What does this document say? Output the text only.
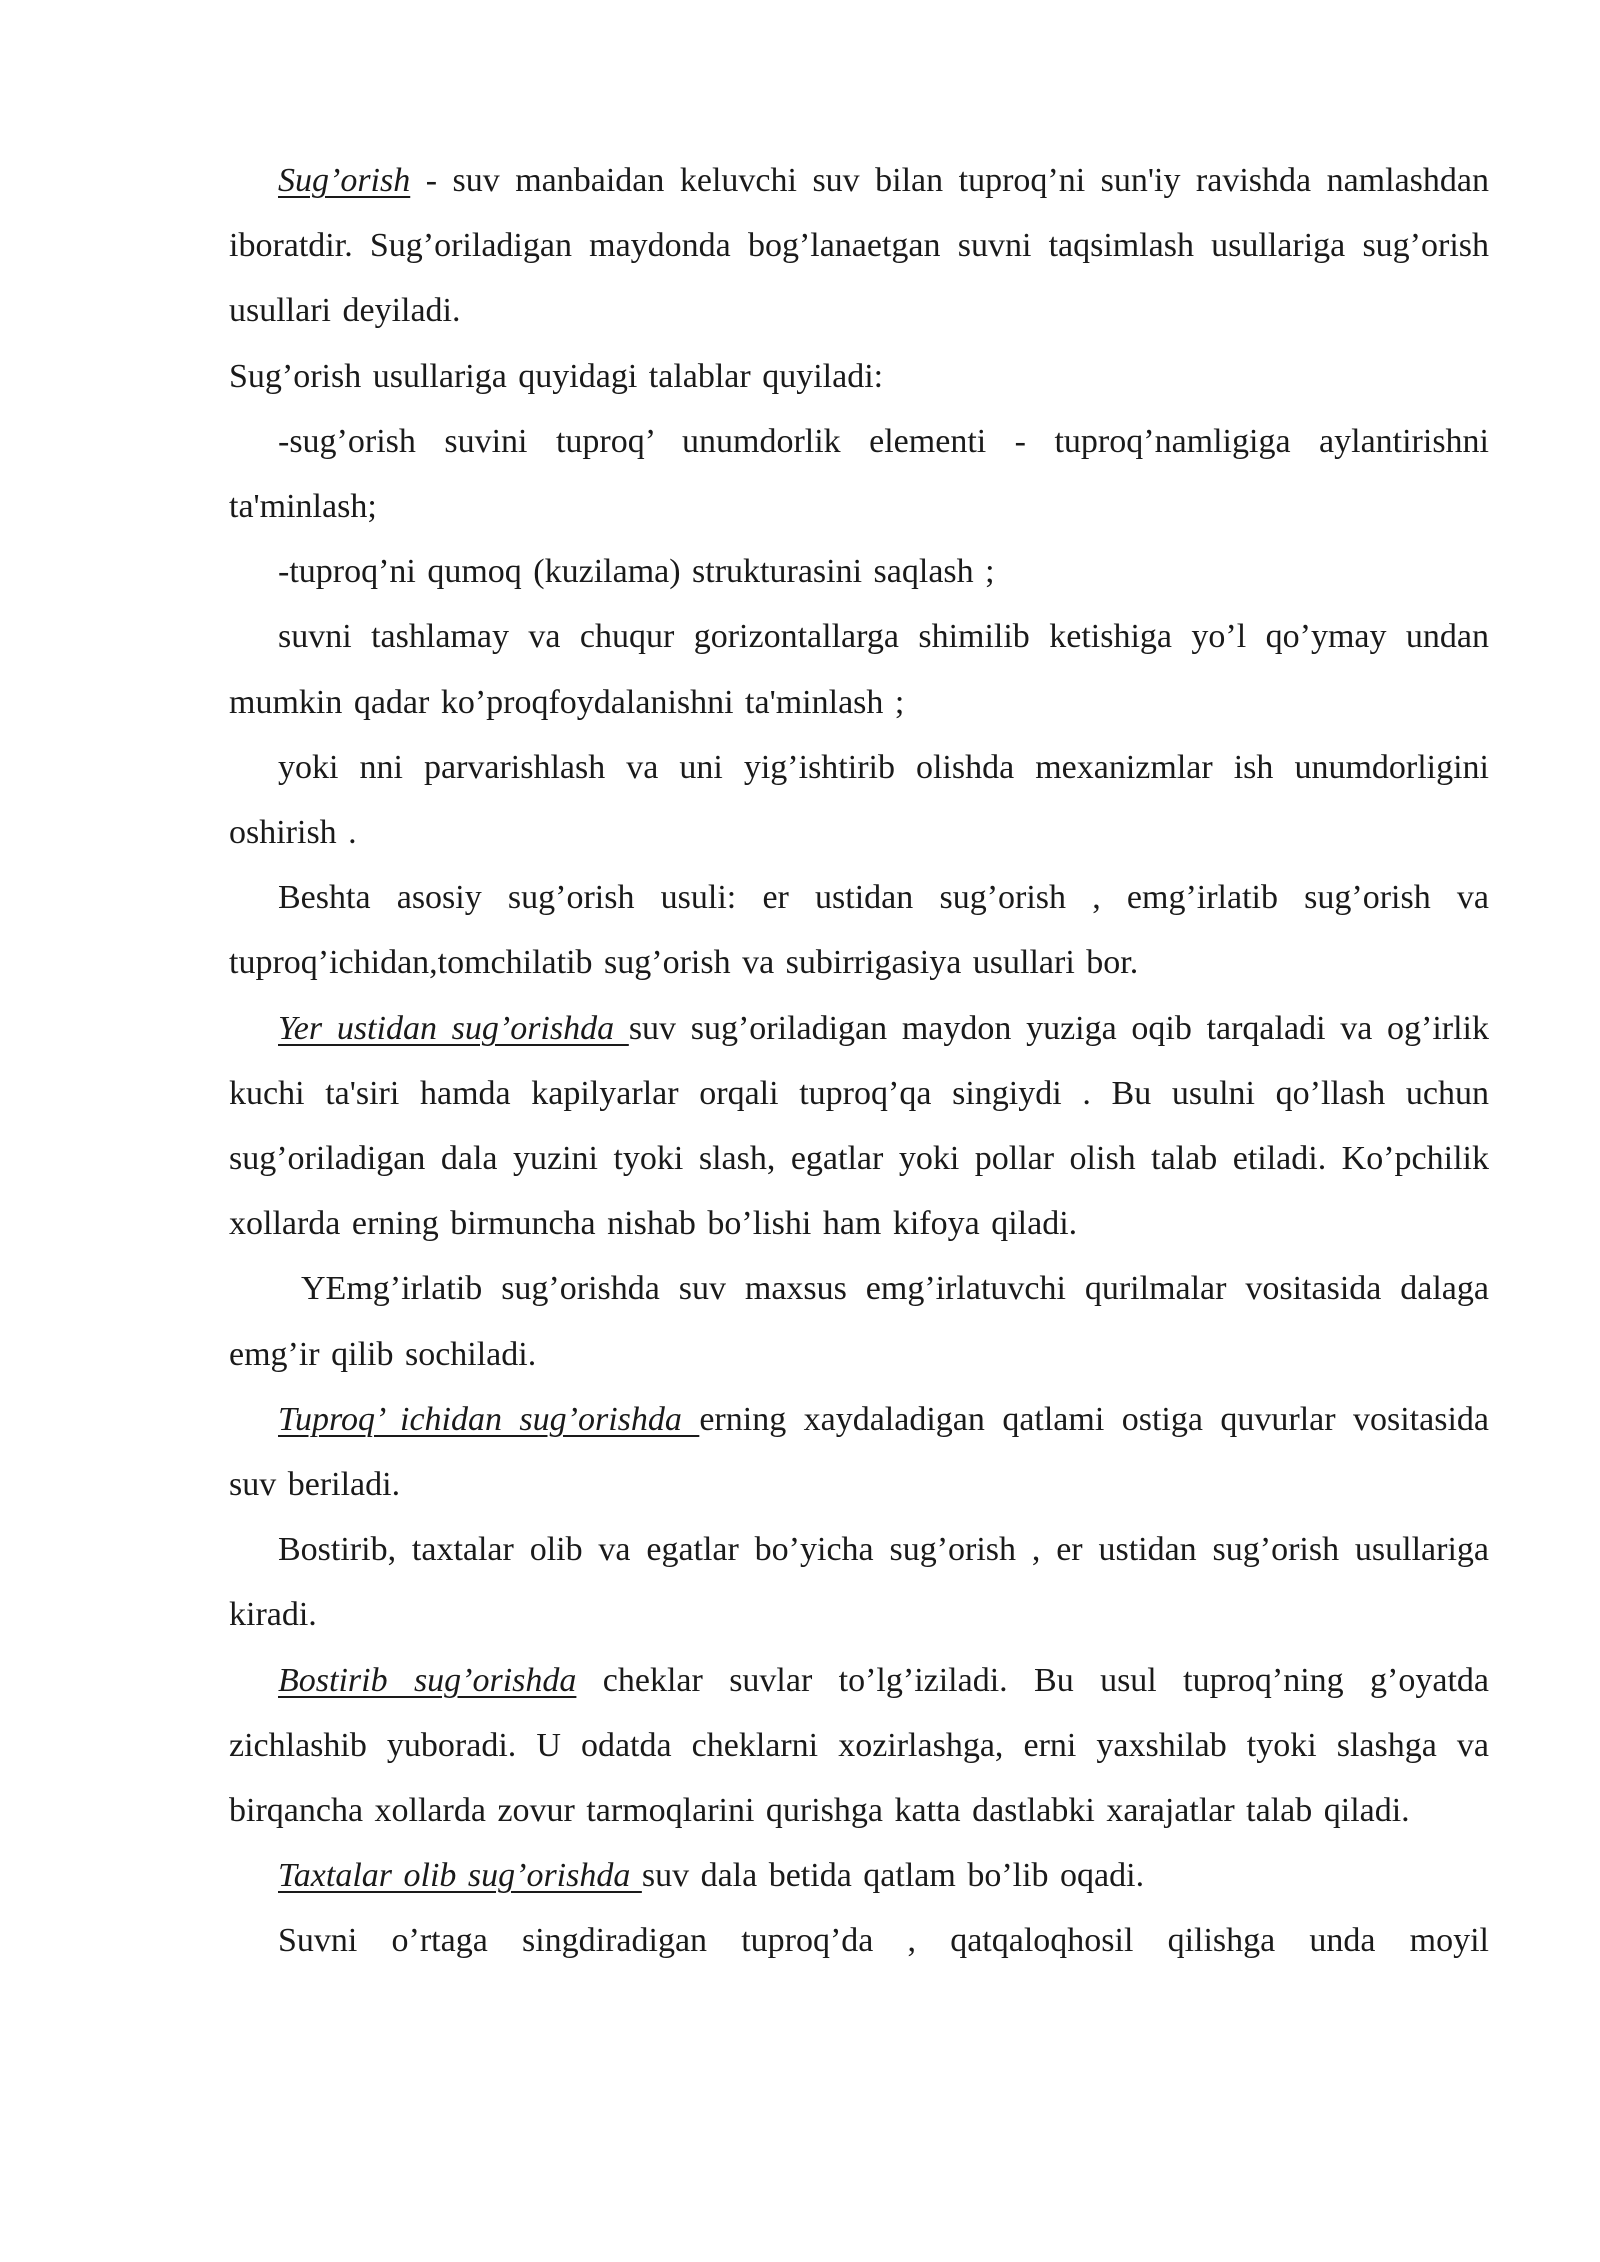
Sug’orish - suv manbaidan keluvchi suv bilan tuproq’ni sun'iy ravishda namlashdan iboratdir. Sug’oriladigan maydonda bog’lanaetgan suvni taqsimlash usullariga sug’orish usullari deyiladi.

Sug’orish usullariga quyidagi talablar quyiladi:

-sug’orish suvini tuproq’ unumdorlik elementi - tuproq’namligiga aylantirishni ta'minlash;

-tuproq’ni qumoq (kuzilama) strukturasini saqlash ;

suvni tashlamay va chuqur gorizontallarga shimilib ketishiga yo’l qo’ymay undan mumkin qadar ko’proqfoydalanishni ta'minlash ;

yoki nni parvarishlash va uni yig’ishtirib olishda mexanizmlar ish unumdorligini oshirish .

Beshta asosiy sug’orish usuli: er ustidan sug’orish , emg’irlatib sug’orish va tuproq’ichidan,tomchilatib sug’orish va subirrigasiya usullari bor.

Yer ustidan sug’orishda suv sug’oriladigan maydon yuziga oqib tarqaladi va og’irlik kuchi ta'siri hamda kapilyarlar orqali tuproq’qa singiydi . Bu usulni qo’llash uchun sug’oriladigan dala yuzini tyoki slash, egatlar yoki pollar olish talab etiladi. Ko’pchilik xollarda erning birmuncha nishab bo’lishi ham kifoya qiladi.

YEmg’irlatib sug’orishda suv maxsus emg’irlatuvchi qurilmalar vositasida dalaga emg’ir qilib sochiladi.

Tuproq’ ichidan sug’orishda erning xaydaladigan qatlami ostiga quvurlar vositasida suv beriladi.

Bostirib, taxtalar olib va egatlar bo’yicha sug’orish , er ustidan sug’orish usullariga kiradi.

Bostirib sug’orishda cheklar suvlar to’lg’iziladi. Bu usul tuproq’ning g’oyatda zichlashib yuboradi. U odatda cheklarni xozirlashga, erni yaxshilab tyoki slashga va birqancha xollarda zovur tarmoqlarini qurishga katta dastlabki xarajatlar talab qiladi.

Taxtalar olib sug’orishda suv dala betida qatlam bo’lib oqadi.

Suvni o’rtaga singdiradigan tuproq’da , qatqaloqhosil qilishga unda moyil
